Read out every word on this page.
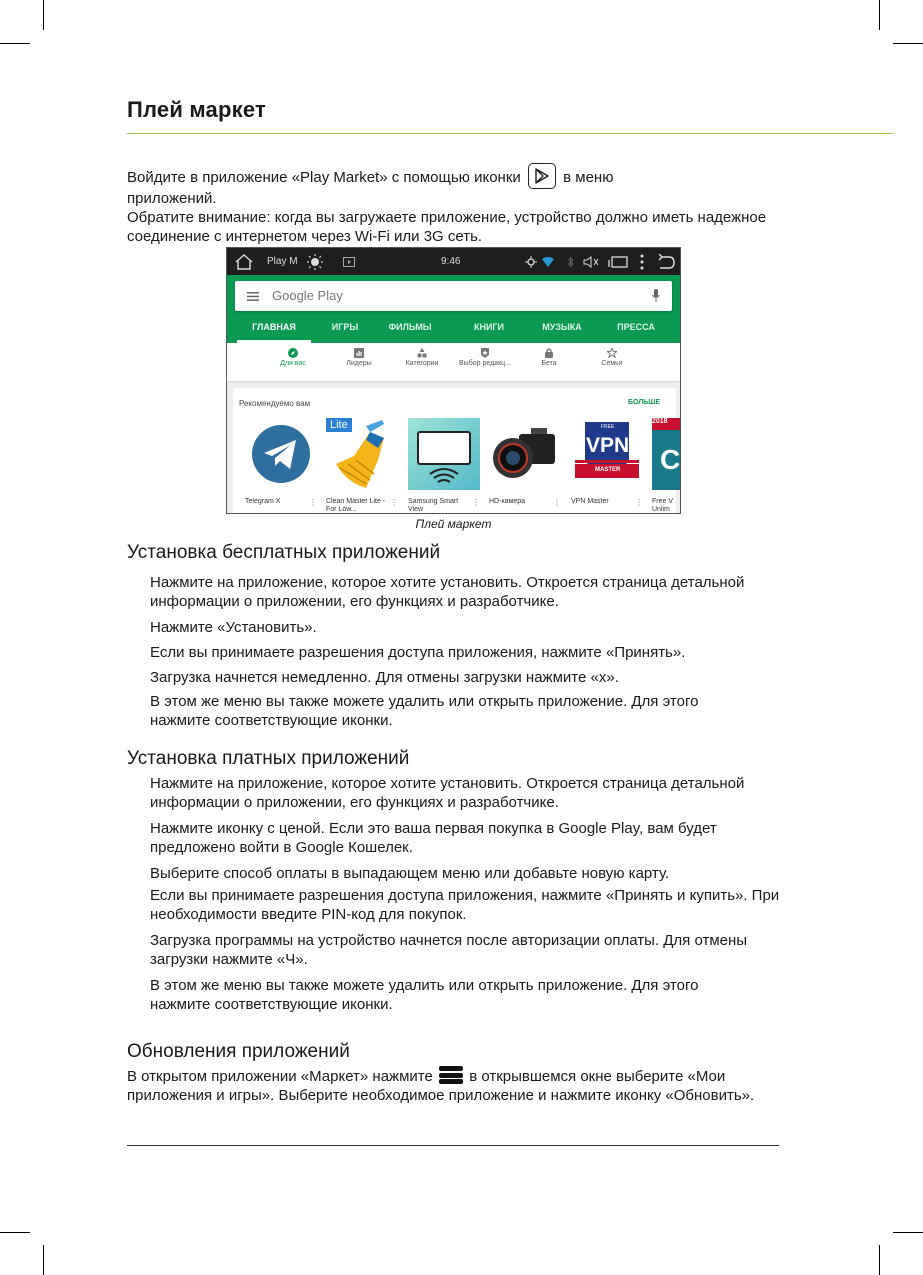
Плей маркет
Войдите в приложение «Play Market» с помощью иконки	в меню
приложений.
Обратите внимание: когда вы загружаете приложение, устройство должно иметь надежное соединение с интернетом через Wi-Fi или 3G сеть.
Play M	9:46
Google Play
ГЛАВНАЯ	ИГРЫ	ФИЛЬМЫ	КНИГИ	МУЗЫКА	ПРЕССА
Для вас	Лидеры	Категории	Выбор редакц...	Бета	Семья
Рекомендуемо вам	БОЛЬШЕ
Telegram X	⋮
Lite
Clean Master Lite - For Low...
⋮ Samsung Smart View
⋮ HD-камера	⋮
VPN
FREE
MASTER
VPN Master	⋮
2018
C
Free V Unlim
Плей маркет
Установка бесплатных приложений
Нажмите на приложение, которое хотите установить. Откроется страница детальной информации о приложении, его функциях и разработчике.
Нажмите «Установить».
Если вы принимаете разрешения доступа приложения, нажмите «Принять».
Загрузка начнется немедленно. Для отмены загрузки нажмите «x».
В этом же меню вы также можете удалить или открыть приложение. Для этого нажмите соответствующие иконки.
Установка платных приложений
Нажмите на приложение, которое хотите установить. Откроется страница детальной информации о приложении, его функциях и разработчике.
Нажмите иконку с ценой. Если это ваша первая покупка в Google Play, вам будет предложено войти в Google Кошелек.
Выберите способ оплаты в выпадающем меню или добавьте новую карту.
Если вы принимаете разрешения доступа приложения, нажмите «Принять и купить». При необходимости введите PIN-код для покупок.
Загрузка программы на устройство начнется после авторизации оплаты. Для отмены загрузки нажмите «Ч».
В этом же меню вы также можете удалить или открыть приложение. Для этого нажмите соответствующие иконки.
Обновления приложений
В открытом приложении «Маркет» нажмите в открывшемся окне выберите «Мои приложения и игры». Выберите необходимое приложение и нажмите иконку «Обновить».
